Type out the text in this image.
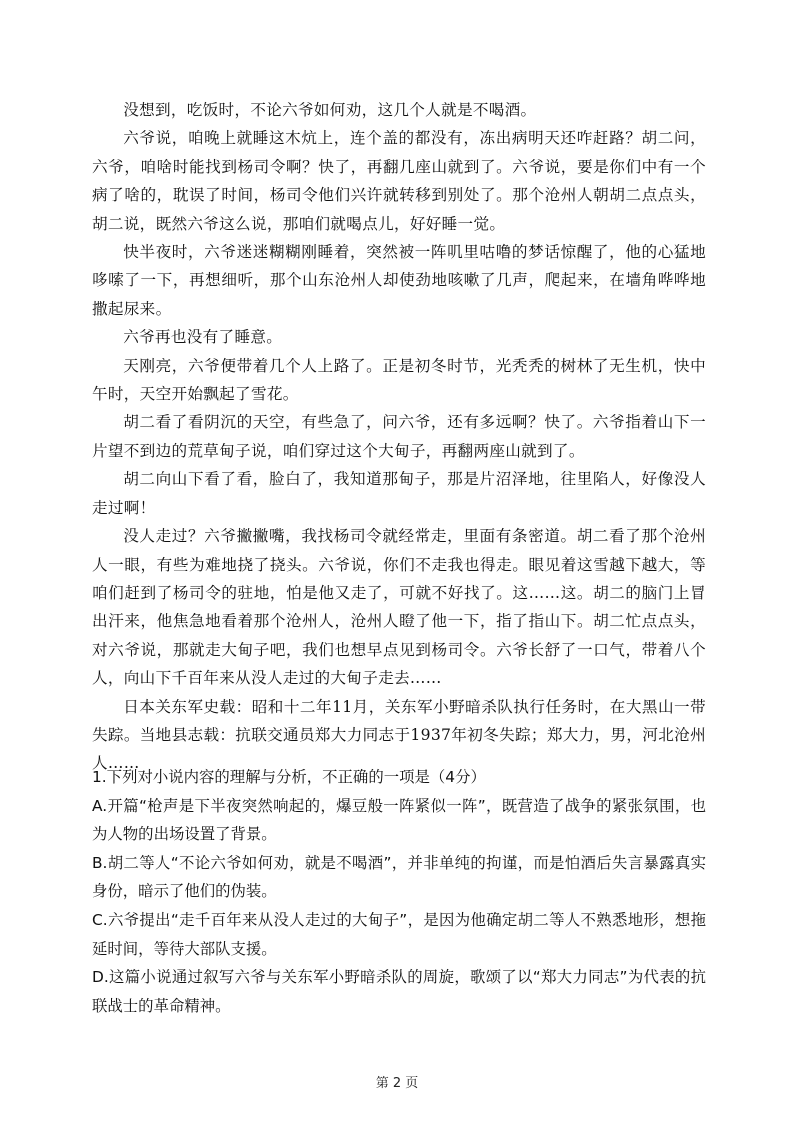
没想到，吃饭时，不论六爷如何劝，这几个人就是不喝酒。

六爷说，咱晚上就睡这木炕上，连个盖的都没有，冻出病明天还咋赶路？胡二问，六爷，咱啥时能找到杨司令啊？快了，再翻几座山就到了。六爷说，要是你们中有一个病了啥的，耽误了时间，杨司令他们兴许就转移到别处了。那个沧州人朝胡二点点头，胡二说，既然六爷这么说，那咱们就喝点儿，好好睡一觉。

快半夜时，六爷迷迷糊糊刚睡着，突然被一阵叽里咕噜的梦话惊醒了，他的心猛地哆嗦了一下，再想细听，那个山东沧州人却使劲地咳嗽了几声，爬起来，在墙角哗哗地撒起尿来。

六爷再也没有了睡意。

天刚亮，六爷便带着几个人上路了。正是初冬时节，光秃秃的树林了无生机，快中午时，天空开始飘起了雪花。

胡二看了看阴沉的天空，有些急了，问六爷，还有多远啊？快了。六爷指着山下一片望不到边的荒草甸子说，咱们穿过这个大甸子，再翻两座山就到了。

胡二向山下看了看，脸白了，我知道那甸子，那是片沼泽地，往里陷人，好像没人走过啊！

没人走过？六爷撇撇嘴，我找杨司令就经常走，里面有条密道。胡二看了那个沧州人一眼，有些为难地挠了挠头。六爷说，你们不走我也得走。眼见着这雪越下越大，等咱们赶到了杨司令的驻地，怕是他又走了，可就不好找了。这……这。胡二的脑门上冒出汗来，他焦急地看着那个沧州人，沧州人瞪了他一下，指了指山下。胡二忙点点头，对六爷说，那就走大甸子吧，我们也想早点见到杨司令。六爷长舒了一口气，带着八个人，向山下千百年来从没人走过的大甸子走去……

日本关东军史载：昭和十二年11月，关东军小野暗杀队执行任务时，在大黑山一带失踪。当地县志载：抗联交通员郑大力同志于1937年初冬失踪；郑大力，男，河北沧州人……

1.下列对小说内容的理解与分析，不正确的一项是（4分）

A.开篇“枪声是下半夜突然响起的，爆豆般一阵紧似一阵”，既营造了战争的紧张氛围，也为人物的出场设置了背景。

B.胡二等人“不论六爷如何劝，就是不喝酒”，并非单纯的拘谨，而是怕酒后失言暴露真实身份，暗示了他们的伪装。

C.六爷提出“走千百年来从没人走过的大甸子”，是因为他确定胡二等人不熟悉地形，想拖延时间，等待大部队支援。

D.这篇小说通过叙写六爷与关东军小野暗杀队的周旋，歌颂了以“郑大力同志”为代表的抗联战士的革命精神。

第 2 页
